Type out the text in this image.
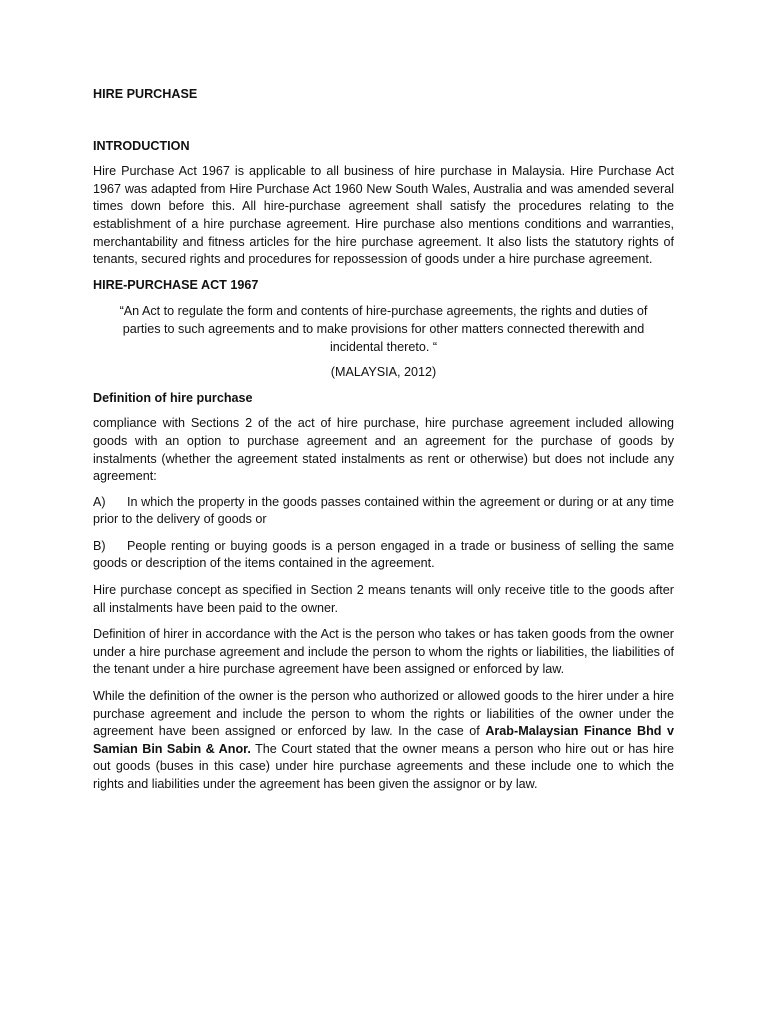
HIRE PURCHASE

INTRODUCTION

Hire Purchase Act 1967 is applicable to all business of hire purchase in Malaysia. Hire Purchase Act 1967 was adapted from Hire Purchase Act 1960 New South Wales, Australia and was amended several times down before this. All hire-purchase agreement shall satisfy the procedures relating to the establishment of a hire purchase agreement. Hire purchase also mentions conditions and warranties, merchantability and fitness articles for the hire purchase agreement. It also lists the statutory rights of tenants, secured rights and procedures for repossession of goods under a hire purchase agreement.

HIRE-PURCHASE ACT 1967

“An Act to regulate the form and contents of hire-purchase agreements, the rights and duties of

parties to such agreements and to make provisions for other matters connected therewith and

incidental thereto. “

(MALAYSIA, 2012)

Definition of hire purchase

compliance with Sections 2 of the act of hire purchase, hire purchase agreement included allowing goods with an option to purchase agreement and an agreement for the purchase of goods by instalments (whether the agreement stated instalments as rent or otherwise) but does not include any agreement:

A) In which the property in the goods passes contained within the agreement or during or at any time prior to the delivery of goods or

B) People renting or buying goods is a person engaged in a trade or business of selling the same goods or description of the items contained in the agreement.

Hire purchase concept as specified in Section 2 means tenants will only receive title to the goods after all instalments have been paid to the owner.

Definition of hirer in accordance with the Act is the person who takes or has taken goods from the owner under a hire purchase agreement and include the person to whom the rights or liabilities, the liabilities of the tenant under a hire purchase agreement have been assigned or enforced by law.

While the definition of the owner is the person who authorized or allowed goods to the hirer under a hire purchase agreement and include the person to whom the rights or liabilities of the owner under the agreement have been assigned or enforced by law. In the case of Arab-Malaysian Finance Bhd v Samian Bin Sabin & Anor. The Court stated that the owner means a person who hire out or has hire out goods (buses in this case) under hire purchase agreements and these include one to which the rights and liabilities under the agreement has been given the assignor or by law.
